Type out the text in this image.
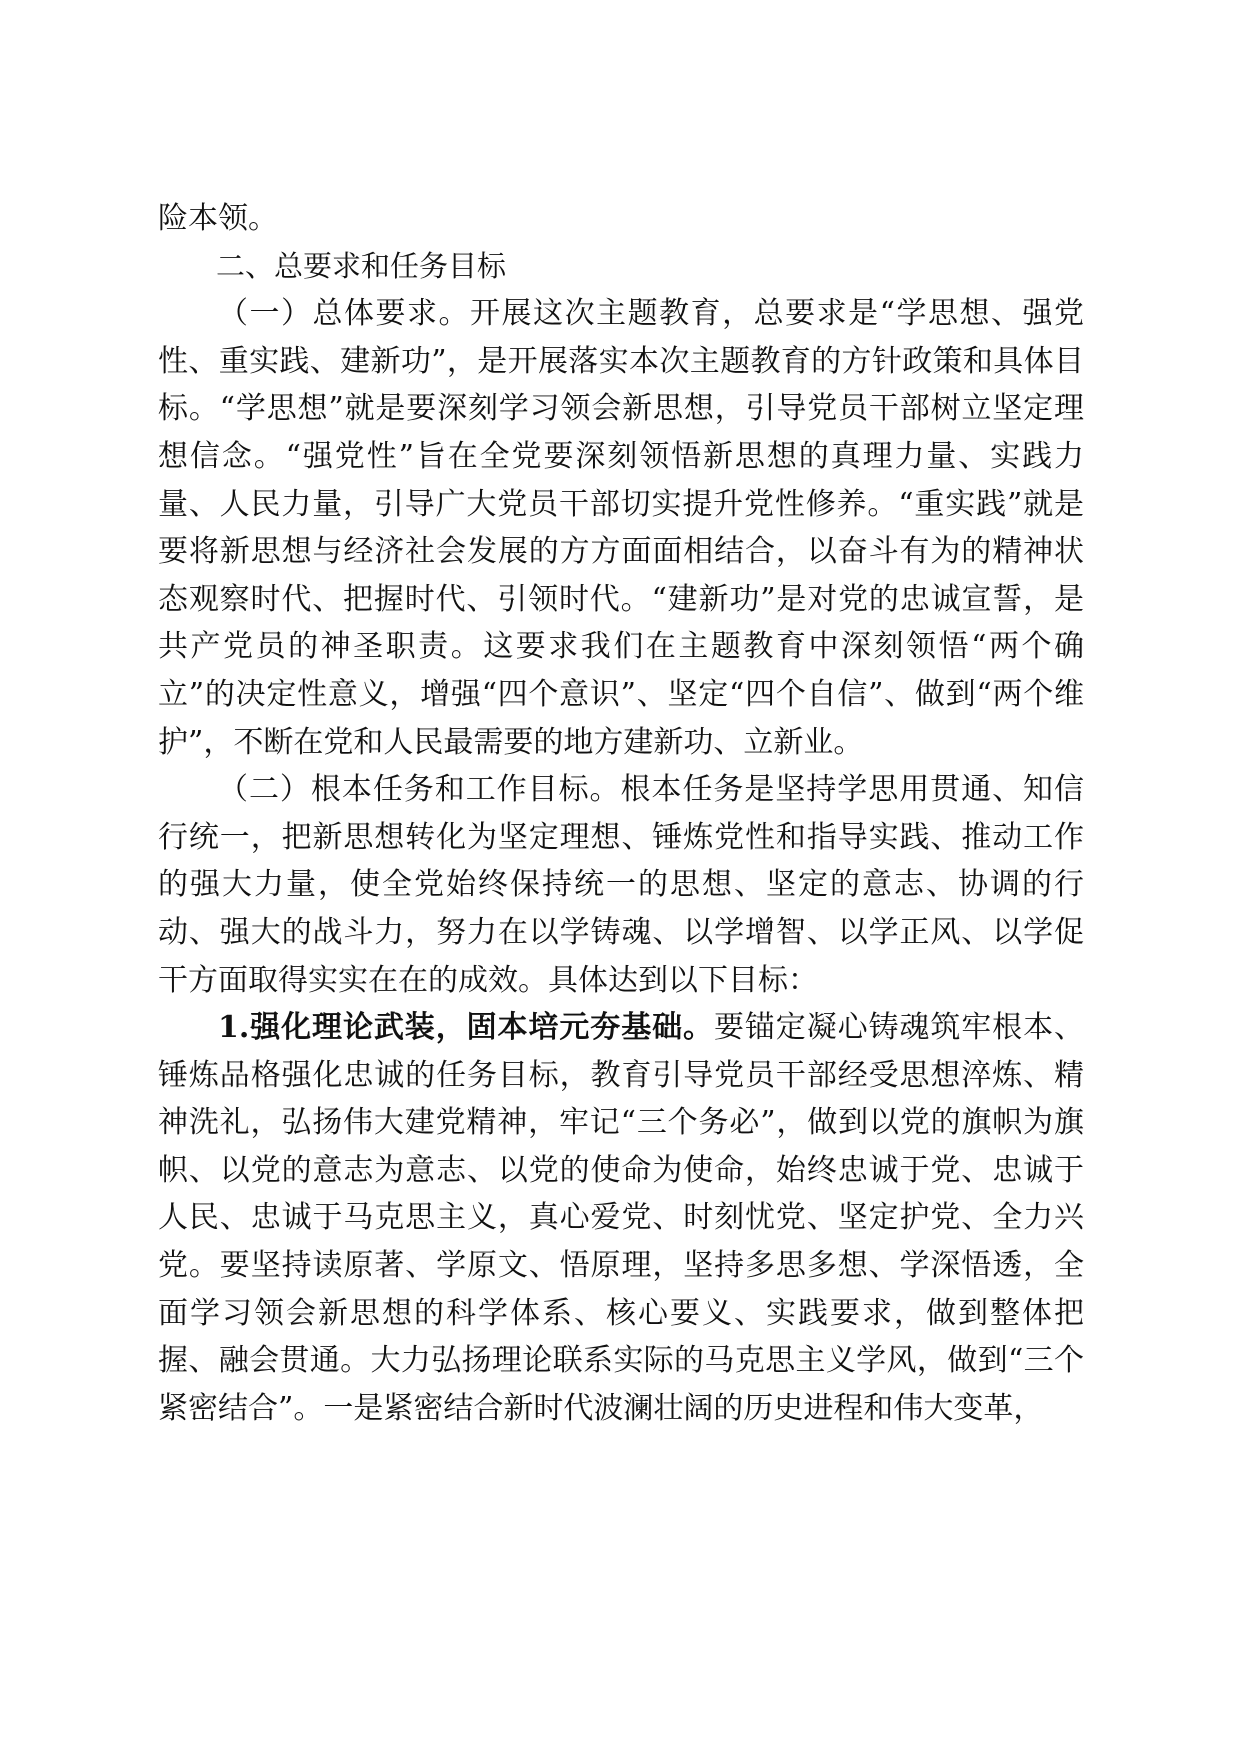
险本领。

二、总要求和任务目标

（一）总体要求。开展这次主题教育，总要求是“学思想、强党性、重实践、建新功”，是开展落实本次主题教育的方针政策和具体目标。“学思想”就是要深刻学习领会新思想，引导党员干部树立坚定理想信念。“强党性”旨在全党要深刻领悟新思想的真理力量、实践力量、人民力量，引导广大党员干部切实提升党性修养。“重实践”就是要将新思想与经济社会发展的方方面面相结合，以奋斗有为的精神状态观察时代、把握时代、引领时代。“建新功”是对党的忠诚宣誓，是共产党员的神圣职责。这要求我们在主题教育中深刻领悟“两个确立”的决定性意义，增强“四个意识”、坚定“四个自信”、做到“两个维护”，不断在党和人民最需要的地方建新功、立新业。

（二）根本任务和工作目标。根本任务是坚持学思用贯通、知信行统一，把新思想转化为坚定理想、锤炼党性和指导实践、推动工作的强大力量，使全党始终保持统一的思想、坚定的意志、协调的行动、强大的战斗力，努力在以学铸魂、以学增智、以学正风、以学促干方面取得实实在在的成效。具体达到以下目标：

1.强化理论武装，固本培元夯基础。要锚定凝心铸魂筑牢根本、锤炼品格强化忠诚的任务目标，教育引导党员干部经受思想淬炼、精神洗礼，弘扬伟大建党精神，牢记“三个务必”，做到以党的旗帜为旗帜、以党的意志为意志、以党的使命为使命，始终忠诚于党、忠诚于人民、忠诚于马克思主义，真心爱党、时刻忧党、坚定护党、全力兴党。要坚持读原著、学原文、悟原理，坚持多思多想、学深悟透，全面学习领会新思想的科学体系、核心要义、实践要求，做到整体把握、融会贯通。大力弘扬理论联系实际的马克思主义学风，做到“三个紧密结合”。一是紧密结合新时代波澜壮阔的历史进程和伟大变革，
